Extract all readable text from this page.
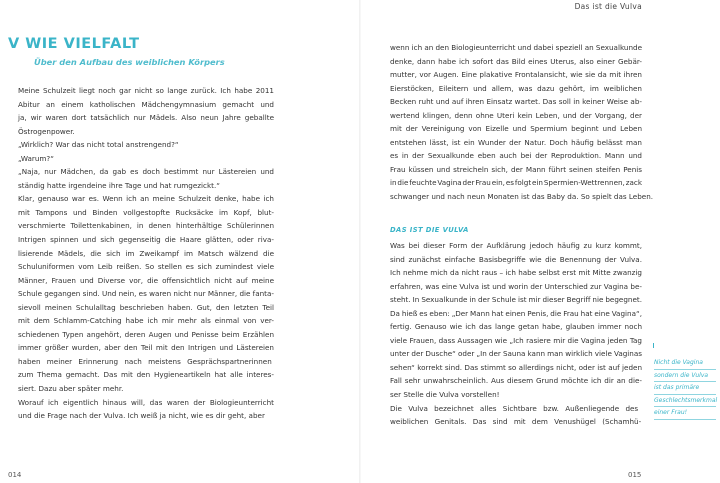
Das ist die Vulva
V WIE VIELFALT
Über den Aufbau des weiblichen Körpers
Meine Schulzeit liegt noch gar nicht so lange zurück. Ich habe 2011
Abitur an einem katholischen Mädchengymnasium gemacht und
ja, wir waren dort tatsächlich nur Mädels. Also neun Jahre geballte
Östrogenpower.
„Wirklich? War das nicht total anstrengend?“
„Warum?“
„Naja, nur Mädchen, da gab es doch bestimmt nur Lästereien und
ständig hatte irgendeine ihre Tage und hat rumgezickt.“
Klar, genauso war es. Wenn ich an meine Schulzeit denke, habe ich
mit Tampons und Binden vollgestopfte Rucksäcke im Kopf, blut-
verschmierte Toilettenkabinen, in denen hinterhältige Schülerinnen
Intrigen spinnen und sich gegenseitig die Haare glätten, oder riva-
lisierende Mädels, die sich im Zweikampf im Matsch wälzend die
Schuluniformen vom Leib reißen. So stellen es sich zumindest viele
Männer, Frauen und Diverse vor, die offensichtlich nicht auf meine
Schule gegangen sind. Und nein, es waren nicht nur Männer, die fanta-
sievoll meinen Schulalltag beschrieben haben. Gut, den letzten Teil
mit dem Schlamm-Catching habe ich mir mehr als einmal von ver-
schiedenen Typen angehört, deren Augen und Penisse beim Erzählen
immer größer wurden, aber den Teil mit den Intrigen und Lästereien
haben meiner Erinnerung nach meistens Gesprächspartnerinnen
zum Thema gemacht. Das mit den Hygieneartikeln hat alle interes-
siert. Dazu aber später mehr.
Worauf ich eigentlich hinaus will, das waren der Biologieunterricht
und die Frage nach der Vulva. Ich weiß ja nicht, wie es dir geht, aber
014
wenn ich an den Biologieunterricht und dabei speziell an Sexualkunde
denke, dann habe ich sofort das Bild eines Uterus, also einer Gebär-
mutter, vor Augen. Eine plakative Frontalansicht, wie sie da mit ihren
Eierstöcken, Eileitern und allem, was dazu gehört, im weiblichen
Becken ruht und auf ihren Einsatz wartet. Das soll in keiner Weise ab-
wertend klingen, denn ohne Uteri kein Leben, und der Vorgang, der
mit der Vereinigung von Eizelle und Spermium beginnt und Leben
entstehen lässt, ist ein Wunder der Natur. Doch häufig belässt man
es in der Sexualkunde eben auch bei der Reproduktion. Mann und
Frau küssen und streicheln sich, der Mann führt seinen steifen Penis
in die feuchte Vagina der Frau ein, es folgt ein Spermien-Wettrennen, zack
schwanger und nach neun Monaten ist das Baby da. So spielt das Leben.
DAS IST DIE VULVA
Was bei dieser Form der Aufklärung jedoch häufig zu kurz kommt,
sind zunächst einfache Basisbegriffe wie die Benennung der Vulva.
Ich nehme mich da nicht raus – ich habe selbst erst mit Mitte zwanzig
erfahren, was eine Vulva ist und worin der Unterschied zur Vagina be-
steht. In Sexualkunde in der Schule ist mir dieser Begriff nie begegnet.
Da hieß es eben: „Der Mann hat einen Penis, die Frau hat eine Vagina“,
fertig. Genauso wie ich das lange getan habe, glauben immer noch
viele Frauen, dass Aussagen wie „Ich rasiere mir die Vagina jeden Tag
unter der Dusche“ oder „In der Sauna kann man wirklich viele Vaginas
sehen“ korrekt sind. Das stimmt so allerdings nicht, oder ist auf jeden
Fall sehr unwahrscheinlich. Aus diesem Grund möchte ich dir an die-
ser Stelle die Vulva vorstellen!
Die Vulva bezeichnet alles Sichtbare bzw. Außenliegende des
weiblichen Genitals. Das sind mit dem Venushügel (Schamhü-
Nicht die Vagina
sondern die Vulva
ist das primäre
Geschlechtsmerkmal
einer Frau!
015
